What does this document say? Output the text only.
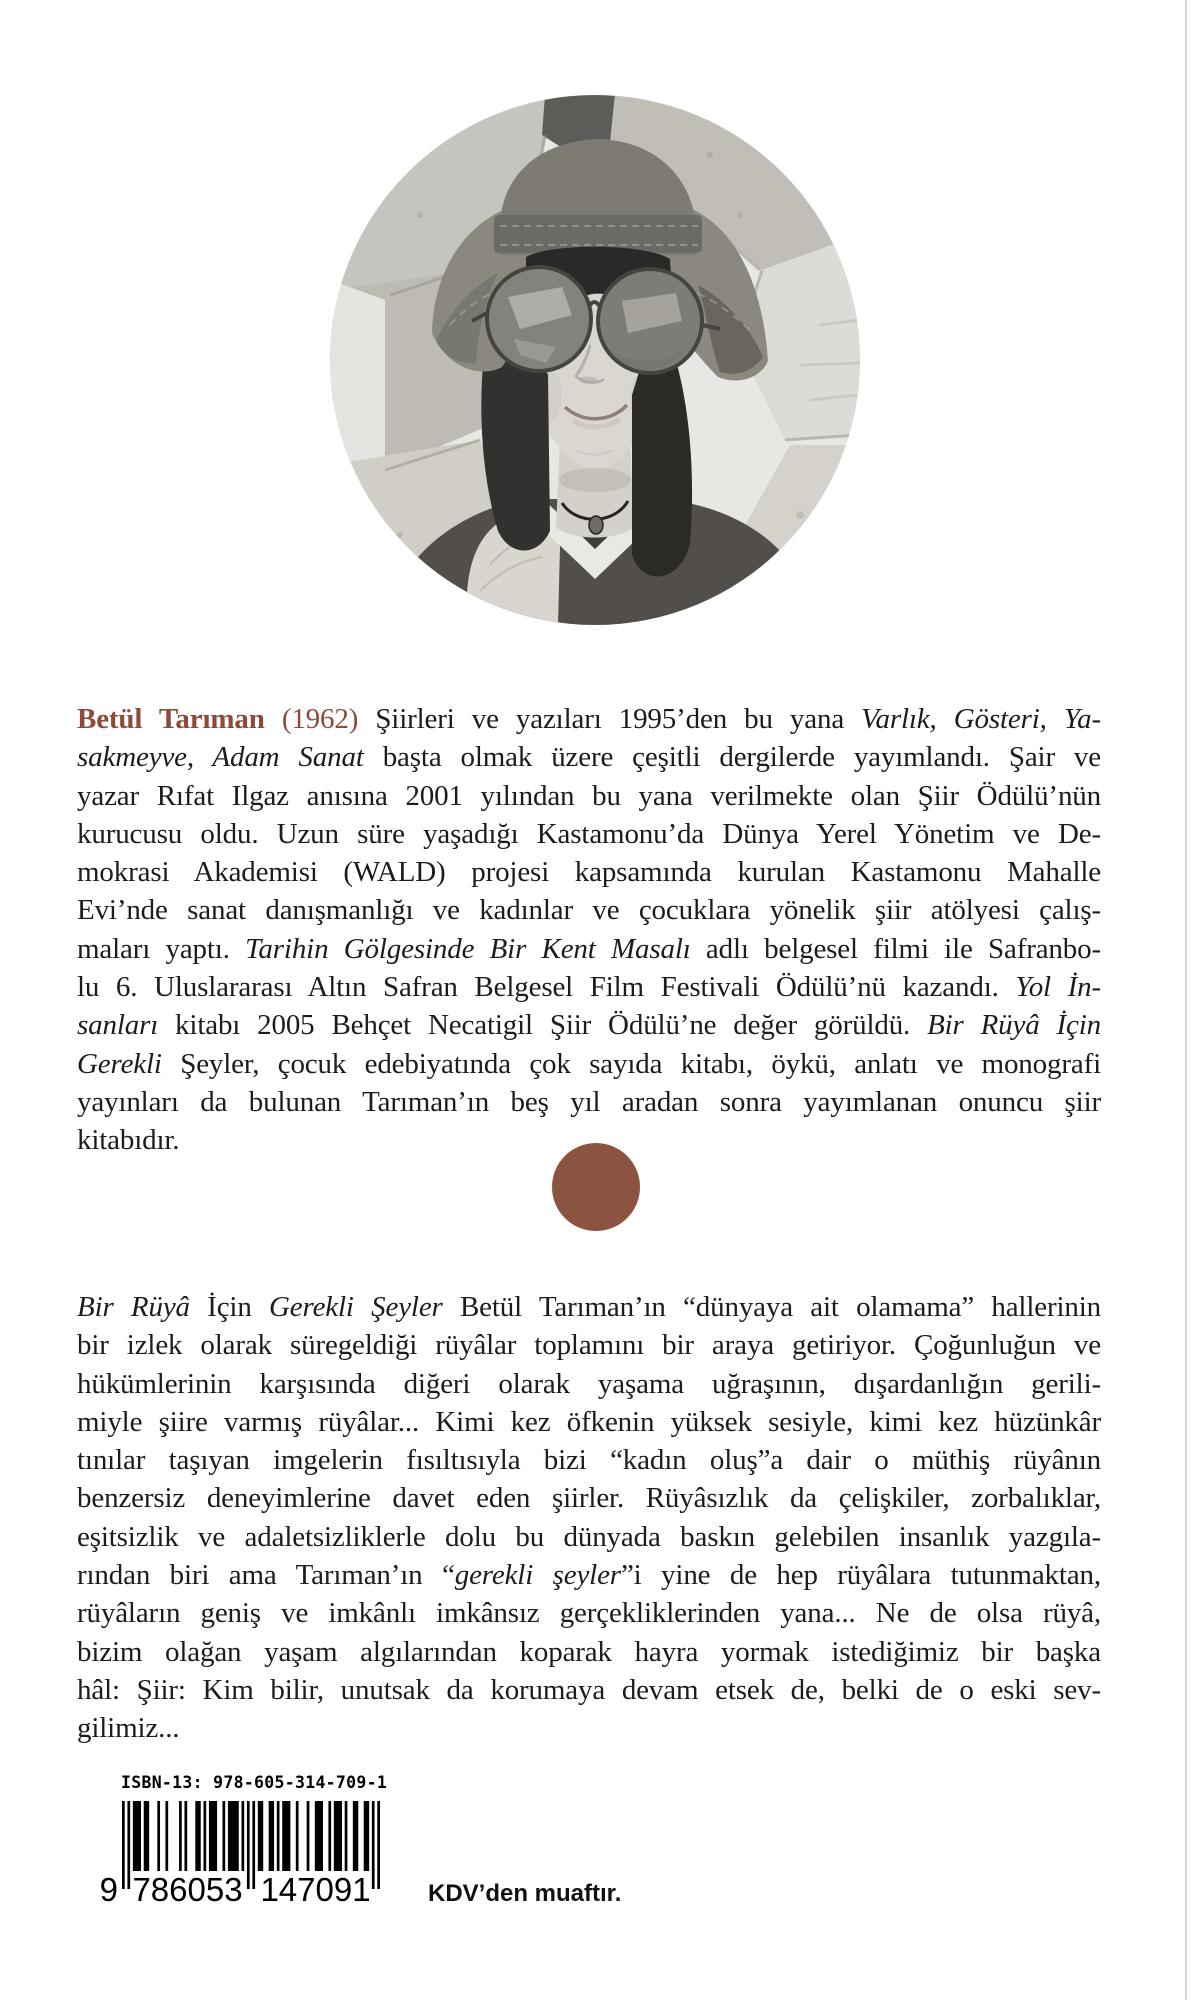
Betül Tarıman (1962) Şiirleri ve yazıları 1995’den bu yana Varlık, Gösteri, Ya-
sakmeyve, Adam Sanat başta olmak üzere çeşitli dergilerde yayımlandı. Şair ve
yazar Rıfat Ilgaz anısına 2001 yılından bu yana verilmekte olan Şiir Ödülü’nün
kurucusu oldu. Uzun süre yaşadığı Kastamonu’da Dünya Yerel Yönetim ve De-
mokrasi Akademisi (WALD) projesi kapsamında kurulan Kastamonu Mahalle
Evi’nde sanat danışmanlığı ve kadınlar ve çocuklara yönelik şiir atölyesi çalış-
maları yaptı. Tarihin Gölgesinde Bir Kent Masalı adlı belgesel filmi ile Safranbo-
lu 6. Uluslararası Altın Safran Belgesel Film Festivali Ödülü’nü kazandı. Yol İn-
sanları kitabı 2005 Behçet Necatigil Şiir Ödülü’ne değer görüldü. Bir Rüyâ İçin
Gerekli Şeyler, çocuk edebiyatında çok sayıda kitabı, öykü, anlatı ve monografi
yayınları da bulunan Tarıman’ın beş yıl aradan sonra yayımlanan onuncu şiir
kitabıdır.
Bir Rüyâ İçin Gerekli Şeyler Betül Tarıman’ın “dünyaya ait olamama” hallerinin
bir izlek olarak süregeldiği rüyâlar toplamını bir araya getiriyor. Çoğunluğun ve
hükümlerinin karşısında diğeri olarak yaşama uğraşının, dışardanlığın gerili-
miyle şiire varmış rüyâlar... Kimi kez öfkenin yüksek sesiyle, kimi kez hüzünkâr
tınılar taşıyan imgelerin fısıltısıyla bizi “kadın oluş”a dair o müthiş rüyânın
benzersiz deneyimlerine davet eden şiirler. Rüyâsızlık da çelişkiler, zorbalıklar,
eşitsizlik ve adaletsizliklerle dolu bu dünyada baskın gelebilen insanlık yazgıla-
rından biri ama Tarıman’ın “gerekli şeyler”i yine de hep rüyâlara tutunmaktan,
rüyâların geniş ve imkânlı imkânsız gerçekliklerinden yana... Ne de olsa rüyâ,
bizim olağan yaşam algılarından koparak hayra yormak istediğimiz bir başka
hâl: Şiir: Kim bilir, unutsak da korumaya devam etsek de, belki de o eski sev-
gilimiz...
ISBN-13: 978-605-314-709-1
9 786053 147091 KDV’den muaftır.
